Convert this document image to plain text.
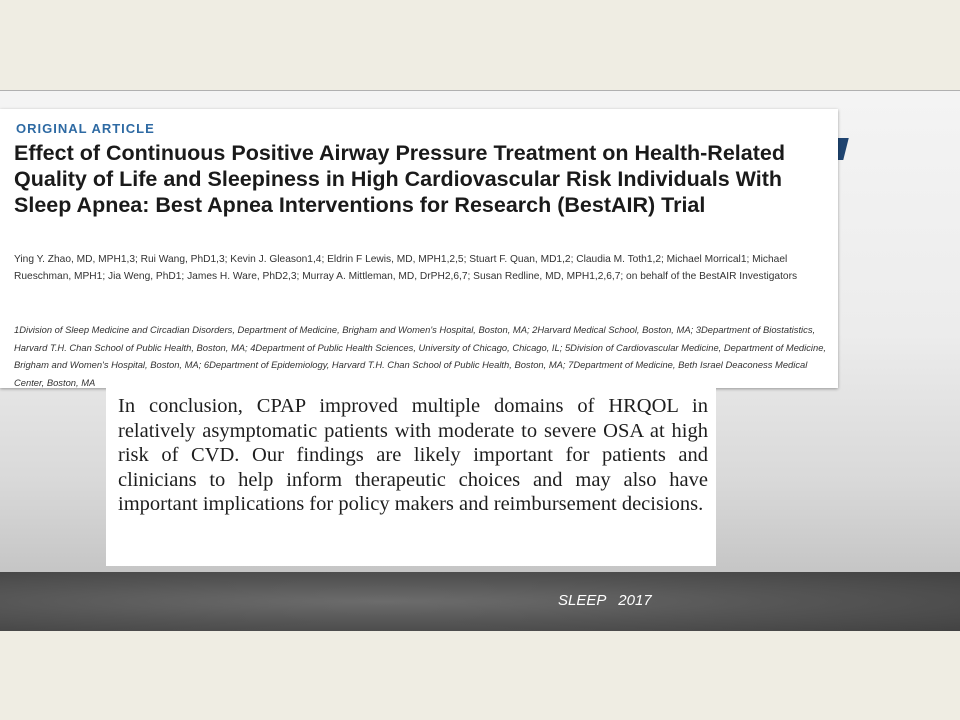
ORIGINAL ARTICLE
Effect of Continuous Positive Airway Pressure Treatment on Health-Related Quality of Life and Sleepiness in High Cardiovascular Risk Individuals With Sleep Apnea: Best Apnea Interventions for Research (BestAIR) Trial

Ying Y. Zhao, MD, MPH1,3; Rui Wang, PhD1,3; Kevin J. Gleason1,4; Eldrin F Lewis, MD, MPH1,2,5; Stuart F. Quan, MD1,2; Claudia M. Toth1,2; Michael Morrical1; Michael Rueschman, MPH1; Jia Weng, PhD1; James H. Ware, PhD2,3; Murray A. Mittleman, MD, DrPH2,6,7; Susan Redline, MD, MPH1,2,6,7; on behalf of the BestAIR Investigators

1Division of Sleep Medicine and Circadian Disorders, Department of Medicine, Brigham and Women's Hospital, Boston, MA; 2Harvard Medical School, Boston, MA; 3Department of Biostatistics, Harvard T.H. Chan School of Public Health, Boston, MA; 4Department of Public Health Sciences, University of Chicago, Chicago, IL; 5Division of Cardiovascular Medicine, Department of Medicine, Brigham and Women's Hospital, Boston, MA; 6Department of Epidemiology, Harvard T.H. Chan School of Public Health, Boston, MA; 7Department of Medicine, Beth Israel Deaconess Medical Center, Boston, MA

In conclusion, CPAP improved multiple domains of HRQOL in relatively asymptomatic patients with moderate to severe OSA at high risk of CVD. Our findings are likely important for patients and clinicians to help inform therapeutic choices and may also have important implications for policy makers and reimbursement decisions.

SLEEP   2017
